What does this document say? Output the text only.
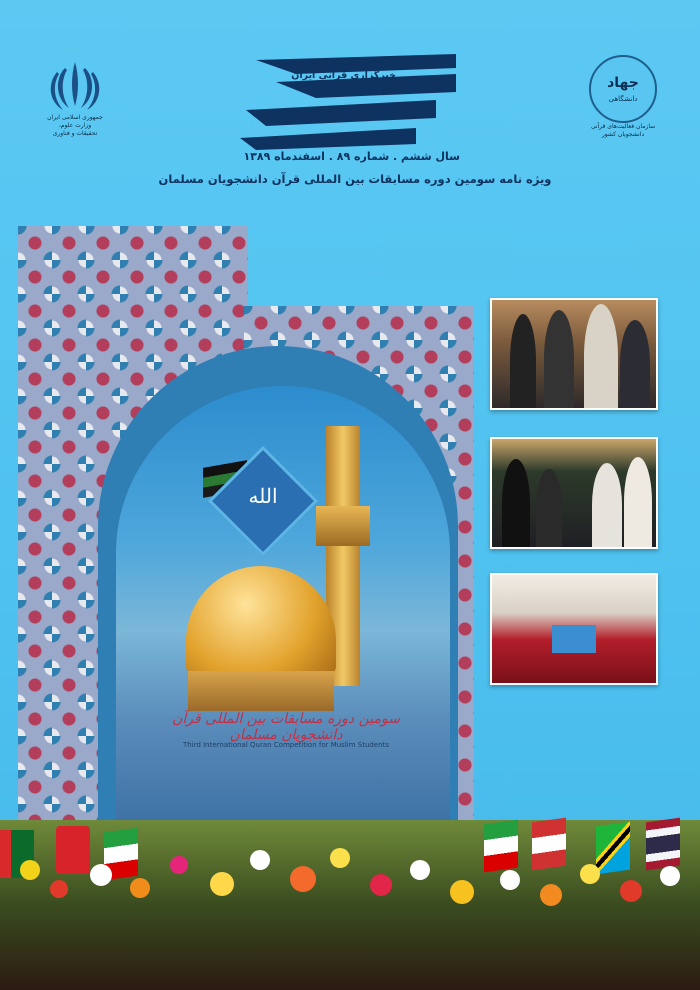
جمهوری اسلامی ایران
وزارت علوم،
تحقیقات و فناوری
دوهفته نامه تخصصی
خبرگزاری قرآنی ایران
(ایکنا)
سال ششم . شماره ۸۹ . اسفندماه ۱۳۸۹
ویژه نامه سومین دوره مسابقات بین المللی قرآن دانشجویان مسلمان
جهاد
دانشگاهی
سازمان فعالیت‌های قرآنی
دانشجویان کشور
سومین دوره مسابقات بین المللی قرآن دانشجویان مسلمان
Third International Quran Competition for Muslim Students
الله
